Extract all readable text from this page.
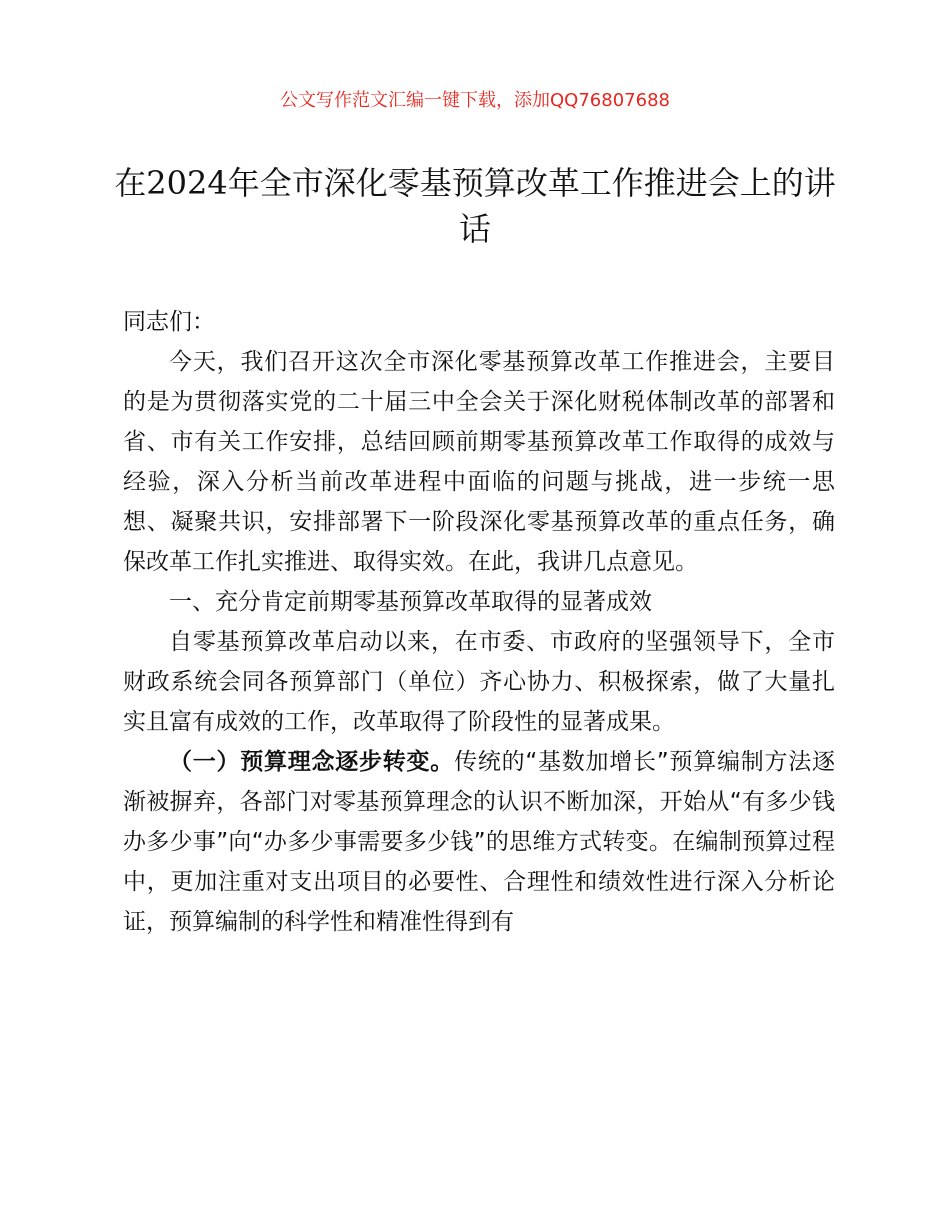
公文写作范文汇编一键下载，添加QQ76807688
在2024年全市深化零基预算改革工作推进会上的讲话

同志们：

今天，我们召开这次全市深化零基预算改革工作推进会，主要目的是为贯彻落实党的二十届三中全会关于深化财税体制改革的部署和省、市有关工作安排，总结回顾前期零基预算改革工作取得的成效与经验，深入分析当前改革进程中面临的问题与挑战，进一步统一思想、凝聚共识，安排部署下一阶段深化零基预算改革的重点任务，确保改革工作扎实推进、取得实效。在此，我讲几点意见。

一、充分肯定前期零基预算改革取得的显著成效

自零基预算改革启动以来，在市委、市政府的坚强领导下，全市财政系统会同各预算部门（单位）齐心协力、积极探索，做了大量扎实且富有成效的工作，改革取得了阶段性的显著成果。

（一）预算理念逐步转变。传统的“基数加增长”预算编制方法逐渐被摒弃，各部门对零基预算理念的认识不断加深，开始从“有多少钱办多少事”向“办多少事需要多少钱”的思维方式转变。在编制预算过程中，更加注重对支出项目的必要性、合理性和绩效性进行深入分析论证，预算编制的科学性和精准性得到有
